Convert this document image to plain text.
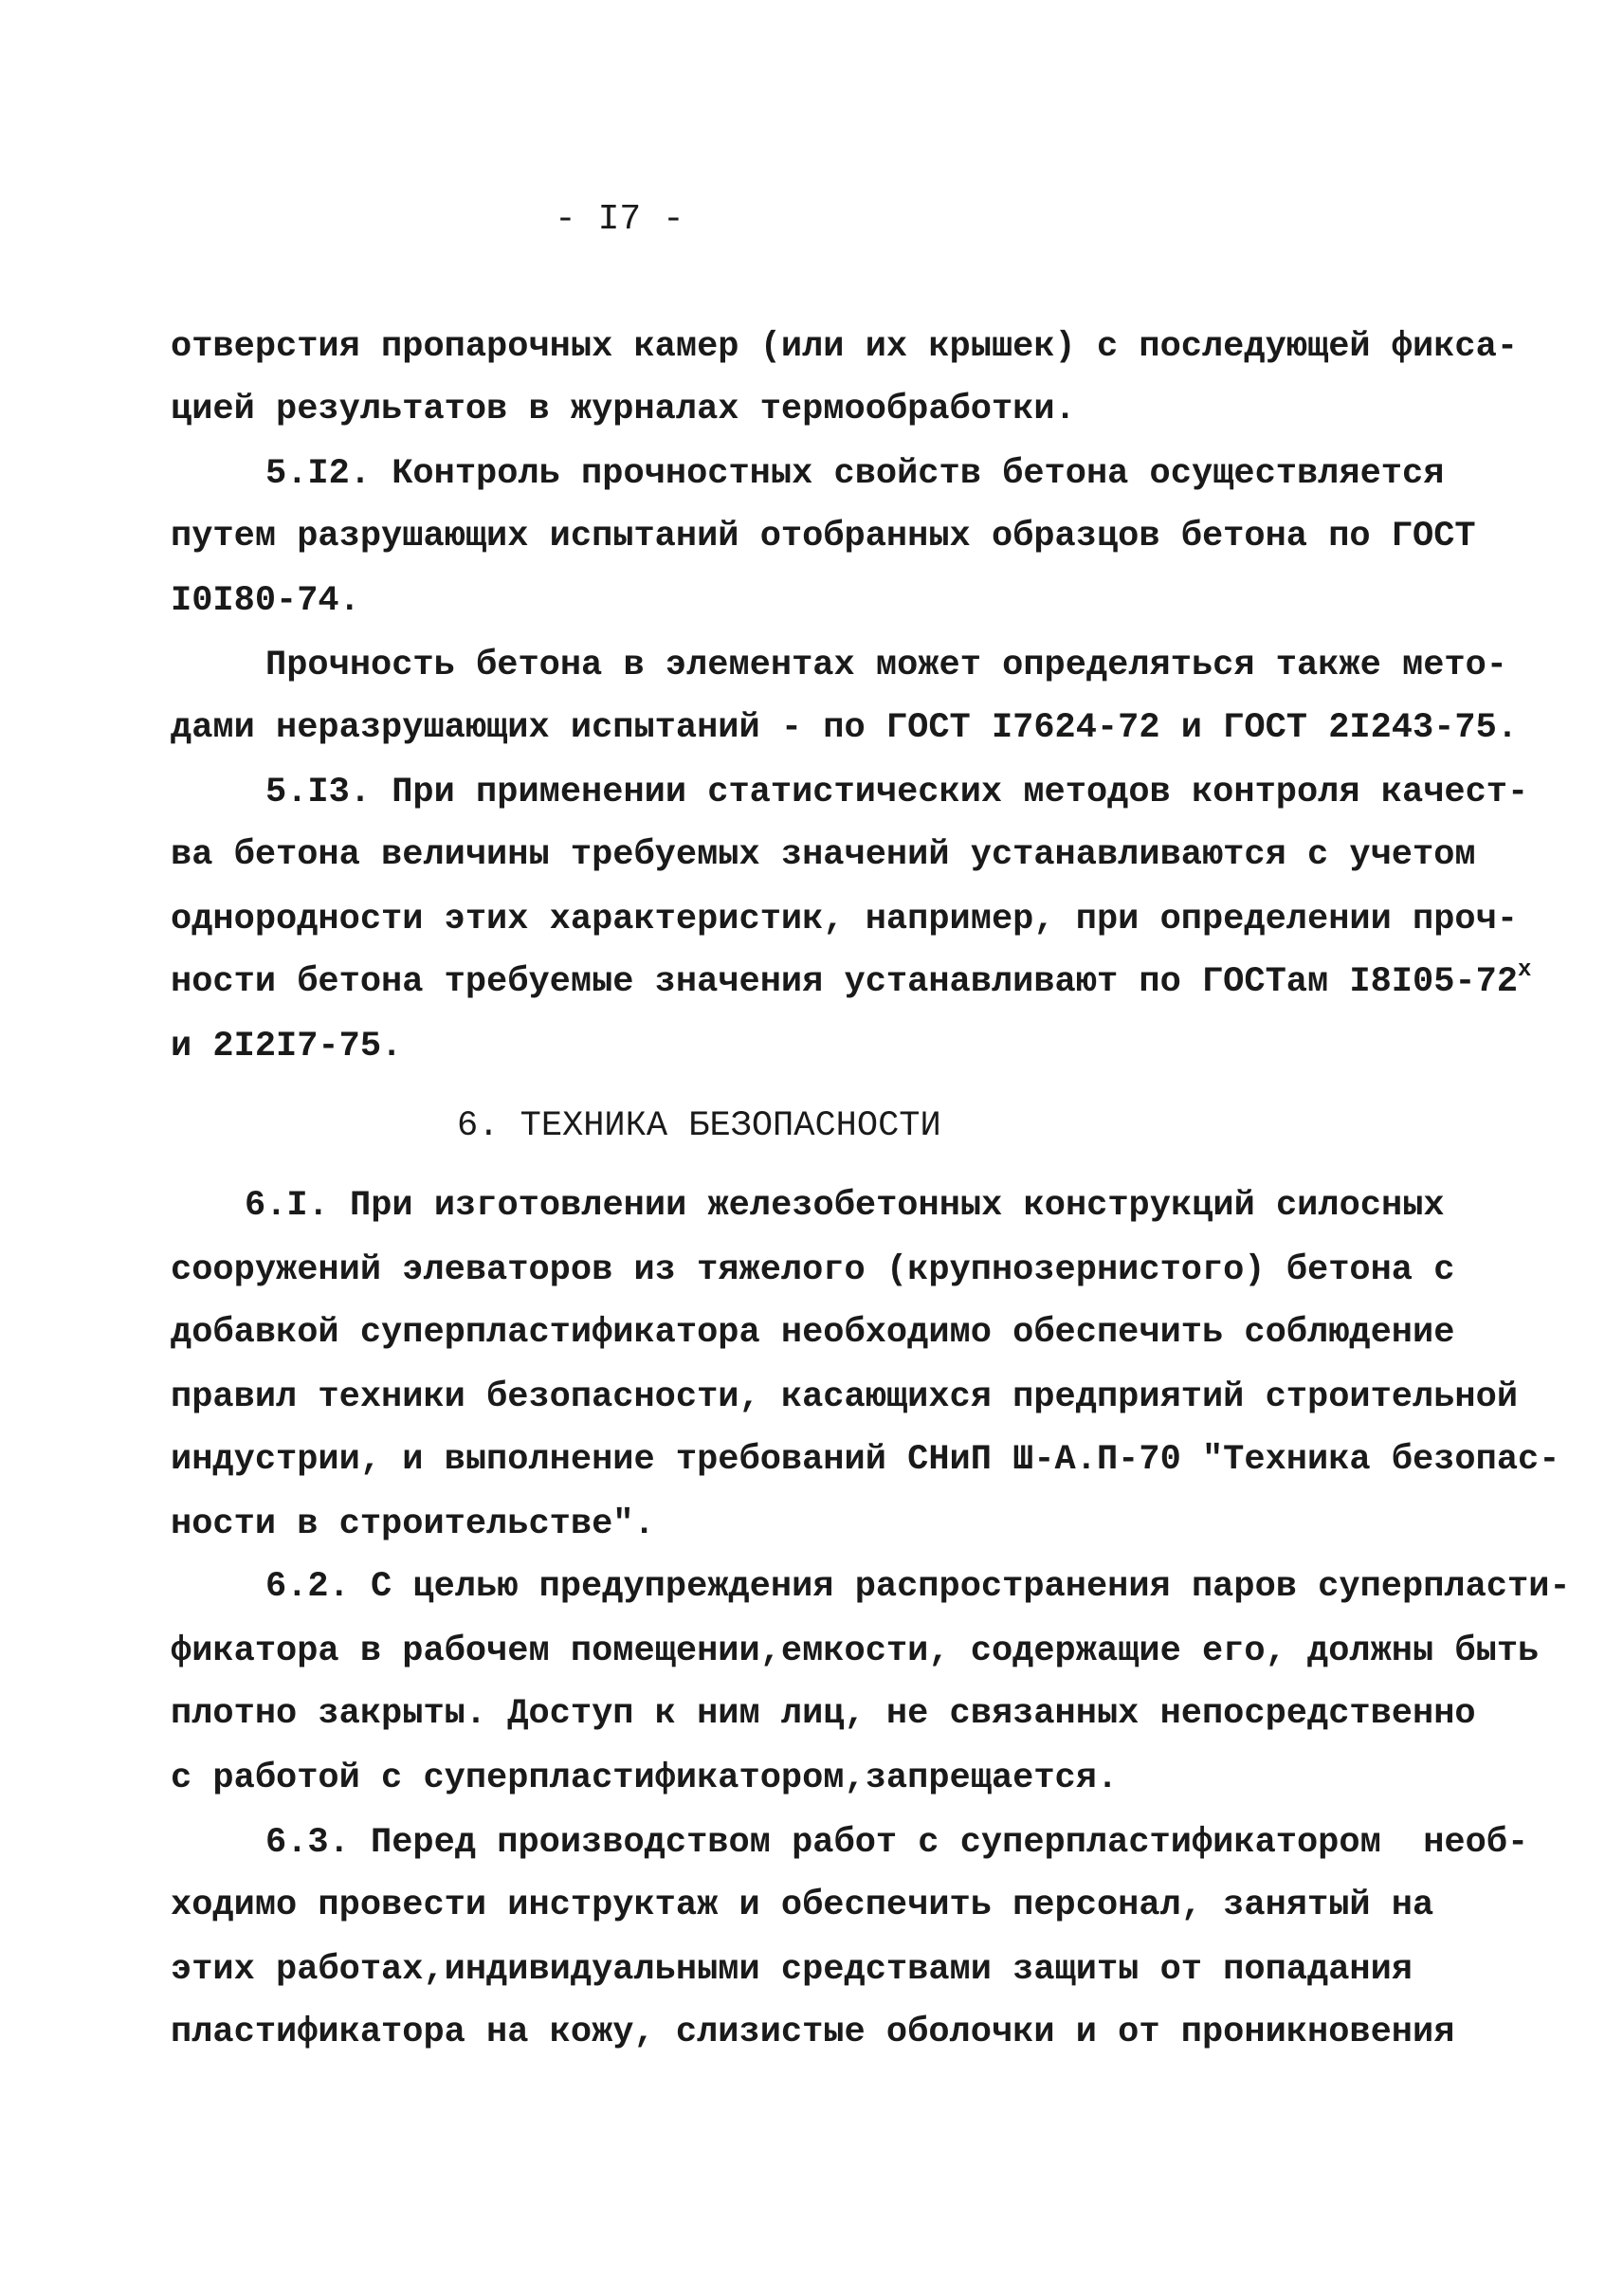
- I7 -
отверстия пропарочных камер (или их крышек) с последующей фикса-
цией результатов в журналах термообработки.
5.I2. Контроль прочностных свойств бетона осуществляется
путем разрушающих испытаний отобранных образцов бетона по ГОСТ
I0I80-74.
Прочность бетона в элементах может определяться также мето-
дами неразрушающих испытаний - по ГОСТ I7624-72 и ГОСТ 2I243-75.
5.I3. При применении статистических методов контроля качест-
ва бетона величины требуемых значений устанавливаются с учетом
однородности этих характеристик, например, при определении проч-
ности бетона требуемые значения устанавливают по ГОСТам I8I05-72$^x$
и 2I2I7-75.
6. ТЕХНИКА БЕЗОПАСНОСТИ
6.I. При изготовлении железобетонных конструкций силосных
сооружений элеваторов из тяжелого (крупнозернистого) бетона с
добавкой суперпластификатора необходимо обеспечить соблюдение
правил техники безопасности, касающихся предприятий строительной
индустрии, и выполнение требований СНиП Ш-А.П-70 "Техника безопас-
ности в строительстве".
6.2. С целью предупреждения распространения паров суперпласти-
фикатора в рабочем помещении,емкости, содержащие его, должны быть
плотно закрыты. Доступ к ним лиц, не связанных непосредственно
с работой с суперпластификатором,запрещается.
6.3. Перед производством работ с суперпластификатором  необ-
ходимо провести инструктаж и обеспечить персонал, занятый на
этих работах,индивидуальными средствами защиты от попадания
пластификатора на кожу, слизистые оболочки и от проникновения
